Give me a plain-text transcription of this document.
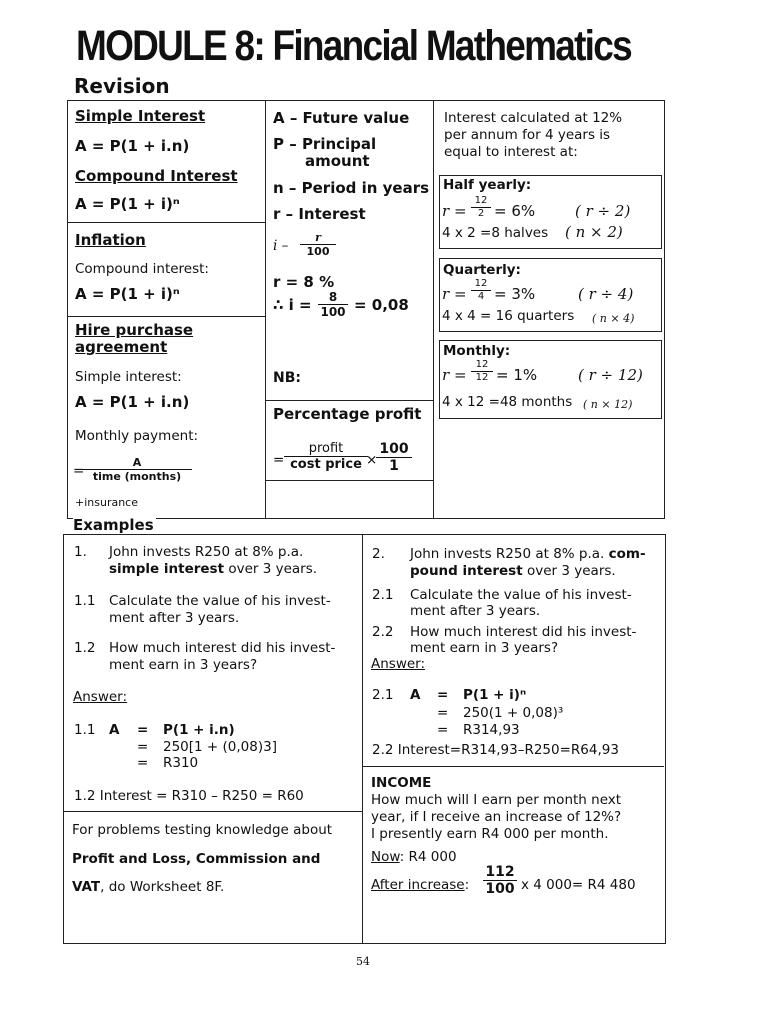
MODULE 8: Financial Mathematics
Revision
Simple Interest
A = P(1 + i.n)
Compound Interest
A = P(1 + i)ⁿ
Inflation
Compound interest:
A = P(1 + i)ⁿ
Hire purchase
agreement
Simple interest:
A = P(1 + i.n)
Monthly payment:
=
A
time (months)
+insurance
A – Future value
P – Principal
amount
n – Period in years
r – Interest
i – $\frac{r}{100}$
r = 8 %
∴ $i = \frac{8}{100} = 0,08$
NB:
Percentage profit
=
profit
cost price ×
$\frac{100}{1}$
Interest calculated at 12%
per annum for 4 years is
equal to interest at:
Half yearly:
$r = \frac{12}{2} = 6\%$	( r ÷ 2)
4 x 2 =8 halves ( n × 2)
Quarterly:
$r = \frac{12}{4} = 3\%$	( r ÷ 4)
4 x 4 = 16 quarters ( n × 4)
Monthly:
$r = \frac{12}{12} = 1\%$	( r ÷ 12)
4 x 12 =48 months ( n × 12)
Examples
1. John invests R250 at 8% p.a.
simple interest over 3 years.
1.1 Calculate the value of his invest-
ment after 3 years.
1.2 How much interest did his invest-
ment earn in 3 years?
Answer:
1.1 A = P(1 + i.n)
= 250[1 + (0,08)3]
= R310
1.2 Interest = R310 – R250 = R60
For problems testing knowledge about
Profit and Loss, Commission and
VAT, do Worksheet 8F.
2. John invests R250 at 8% p.a. com-
pound interest over 3 years.
2.1 Calculate the value of his invest-
ment after 3 years.
2.2 How much interest did his invest-
ment earn in 3 years?
Answer:
2.1 A = P(1 + i)ⁿ
= 250(1 + 0,08)³
= R314,93
2.2 Interest=R314,93–R250=R64,93
INCOME
How much will I earn per month next
year, if I receive an increase of 12%?
I presently earn R4 000 per month.
Now: R4 000
After increase: $\frac{112}{100}$ x 4 000= R4 480
54
